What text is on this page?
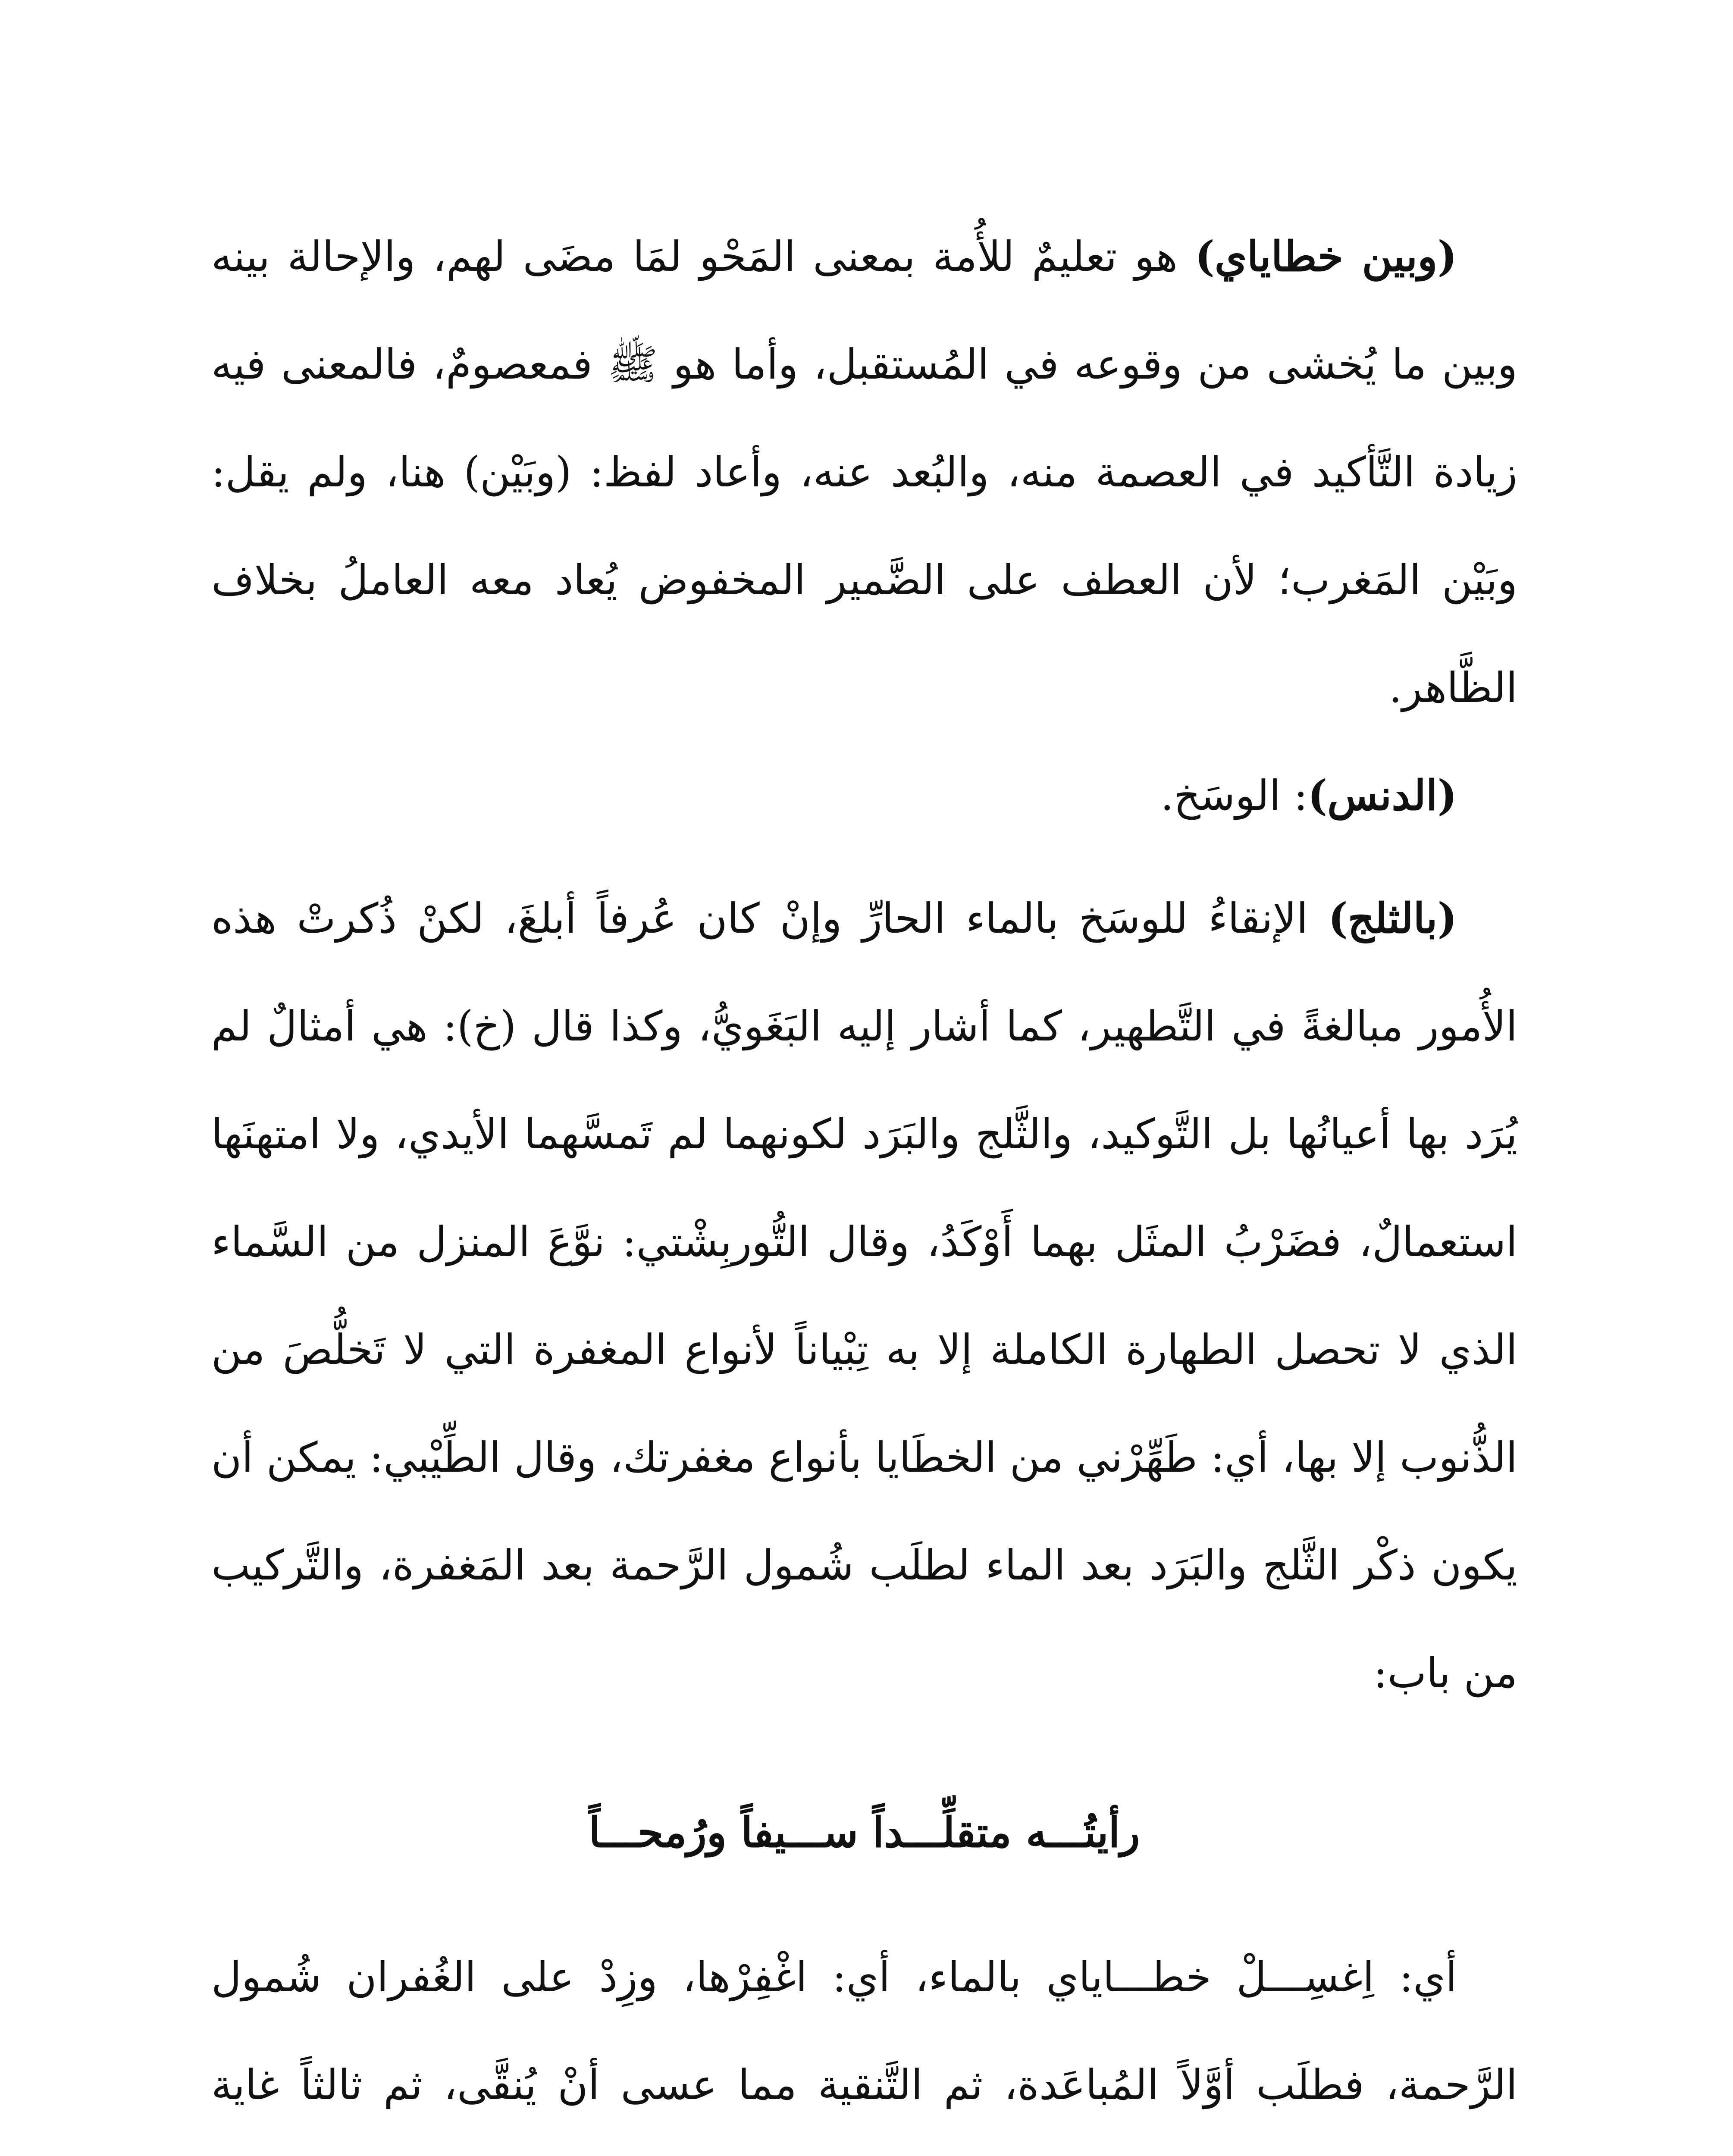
(وبين خطاياي) هو تعليمٌ للأُمة بمعنى المَحْو لمَا مضَى لهم، والإحالة بينه وبين ما يُخشى من وقوعه في المُستقبل، وأما هو ﷺ فمعصومٌ، فالمعنى فيه زيادة التَّأكيد في العصمة منه، والبُعد عنه، وأعاد لفظ: (وبَيْن) هنا، ولم يقل: وبَيْن المَغرب؛ لأن العطف على الضَّمير المخفوض يُعاد معه العاملُ بخلاف الظَّاهر.

(الدنس): الوسَخ.

(بالثلج) الإنقاءُ للوسَخ بالماء الحارِّ وإنْ كان عُرفاً أبلغَ، لكنْ ذُكرتْ هذه الأُمور مبالغةً في التَّطهير، كما أشار إليه البَغَويُّ، وكذا قال (خ): هي أمثالٌ لم يُرَد بها أعيانُها بل التَّوكيد، والثَّلج والبَرَد لكونهما لم تَمسَّهما الأيدي، ولا امتهنَها استعمالٌ، فضَرْبُ المثَل بهما أَوْكَدُ، وقال التُّوربِشْتي: نوَّعَ المنزل من السَّماء الذي لا تحصل الطهارة الكاملة إلا به تِبْياناً لأنواع المغفرة التي لا تَخلُّصَ من الذُّنوب إلا بها، أي: طَهِّرْني من الخطَايا بأنواع مغفرتك، وقال الطِّيْبي: يمكن أن يكون ذكْر الثَّلج والبَرَد بعد الماء لطلَب شُمول الرَّحمة بعد المَغفرة، والتَّركيب من باب:

رأيتُـــه متقلِّـــداً ســـيفاً ورُمحـــاً

أي: اِغسِـــلْ خطـــاياي بالماء، أي: اغْفِرْها، وزِدْ على الغُفران شُمول الرَّحمة، فطلَب أوَّلاً المُباعَدة، ثم التَّنقية مما عسى أنْ يُنقَّى، ثم ثالثاً غاية
